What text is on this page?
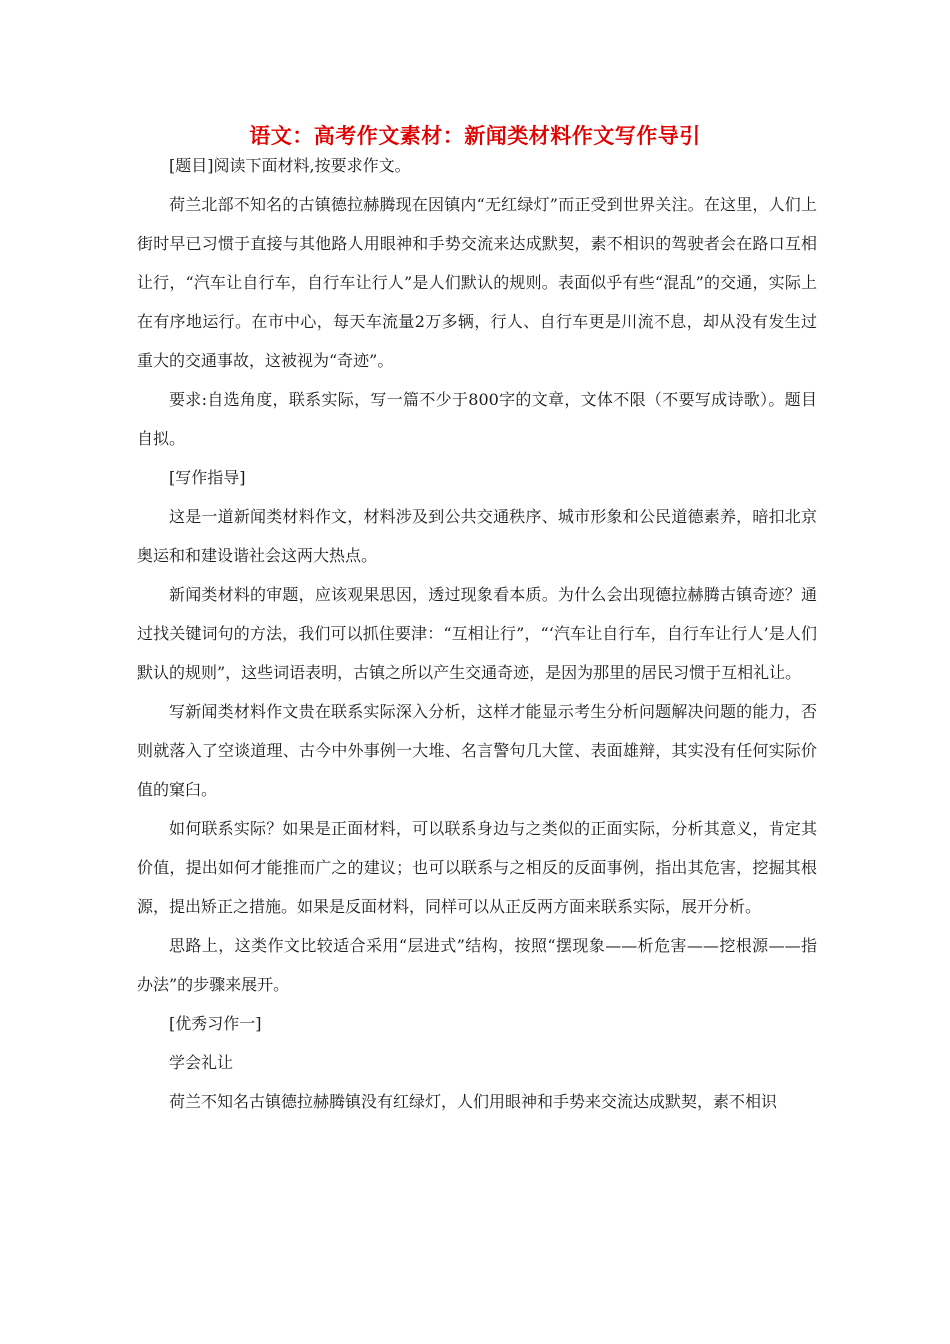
语文：高考作文素材：新闻类材料作文写作导引

[题目]阅读下面材料,按要求作文。

荷兰北部不知名的古镇德拉赫腾现在因镇内“无红绿灯”而正受到世界关注。在这里，人们上街时早已习惯于直接与其他路人用眼神和手势交流来达成默契，素不相识的驾驶者会在路口互相让行，“汽车让自行车，自行车让行人”是人们默认的规则。表面似乎有些“混乱”的交通，实际上在有序地运行。在市中心，每天车流量2万多辆，行人、自行车更是川流不息，却从没有发生过重大的交通事故，这被视为“奇迹”。

要求:自选角度，联系实际，写一篇不少于800字的文章，文体不限（不要写成诗歌）。题目自拟。

[写作指导]

这是一道新闻类材料作文，材料涉及到公共交通秩序、城市形象和公民道德素养，暗扣北京奥运和和建设谐社会这两大热点。

新闻类材料的审题，应该观果思因，透过现象看本质。为什么会出现德拉赫腾古镇奇迹？通过找关键词句的方法，我们可以抓住要津：“互相让行”，“‘汽车让自行车，自行车让行人’是人们默认的规则”，这些词语表明，古镇之所以产生交通奇迹，是因为那里的居民习惯于互相礼让。

写新闻类材料作文贵在联系实际深入分析，这样才能显示考生分析问题解决问题的能力，否则就落入了空谈道理、古今中外事例一大堆、名言警句几大筐、表面雄辩，其实没有任何实际价值的窠臼。

如何联系实际？如果是正面材料，可以联系身边与之类似的正面实际，分析其意义，肯定其价值，提出如何才能推而广之的建议；也可以联系与之相反的反面事例，指出其危害，挖掘其根源，提出矫正之措施。如果是反面材料，同样可以从正反两方面来联系实际，展开分析。

思路上，这类作文比较适合采用“层进式”结构，按照“摆现象——析危害——挖根源——指办法”的步骤来展开。

[优秀习作一]

学会礼让

荷兰不知名古镇德拉赫腾镇没有红绿灯，人们用眼神和手势来交流达成默契，素不相识
